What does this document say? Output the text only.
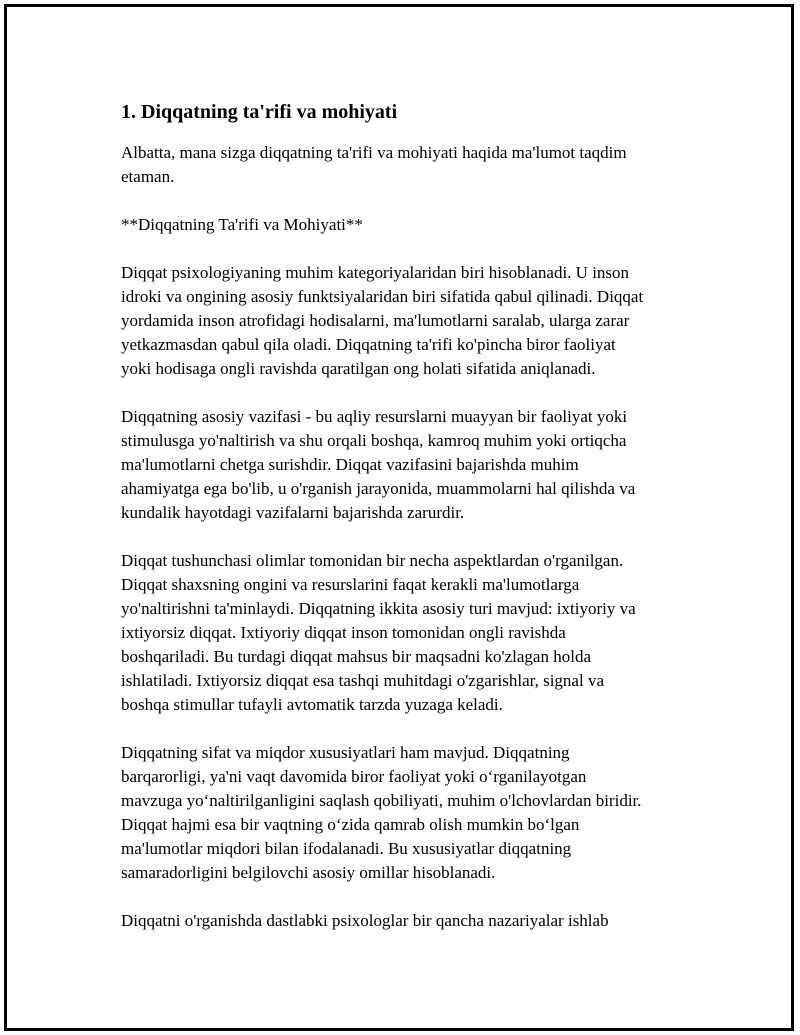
1. Diqqatning ta'rifi va mohiyati

Albatta, mana sizga diqqatning ta'rifi va mohiyati haqida ma'lumot taqdim
etaman.

**Diqqatning Ta'rifi va Mohiyati**

Diqqat psixologiyaning muhim kategoriyalaridan biri hisoblanadi. U inson
idroki va ongining asosiy funktsiyalaridan biri sifatida qabul qilinadi. Diqqat
yordamida inson atrofidagi hodisalarni, ma'lumotlarni saralab, ularga zarar
yetkazmasdan qabul qila oladi. Diqqatning ta'rifi ko'pincha biror faoliyat
yoki hodisaga ongli ravishda qaratilgan ong holati sifatida aniqlanadi.

Diqqatning asosiy vazifasi - bu aqliy resurslarni muayyan bir faoliyat yoki
stimulusga yo'naltirish va shu orqali boshqa, kamroq muhim yoki ortiqcha
ma'lumotlarni chetga surishdir. Diqqat vazifasini bajarishda muhim
ahamiyatga ega bo'lib, u o'rganish jarayonida, muammolarni hal qilishda va
kundalik hayotdagi vazifalarni bajarishda zarurdir.

Diqqat tushunchasi olimlar tomonidan bir necha aspektlardan o'rganilgan.
Diqqat shaxsning ongini va resurslarini faqat kerakli ma'lumotlarga
yo'naltirishni ta'minlaydi. Diqqatning ikkita asosiy turi mavjud: ixtiyoriy va
ixtiyorsiz diqqat. Ixtiyoriy diqqat inson tomonidan ongli ravishda
boshqariladi. Bu turdagi diqqat mahsus bir maqsadni ko'zlagan holda
ishlatiladi. Ixtiyorsiz diqqat esa tashqi muhitdagi o'zgarishlar, signal va
boshqa stimullar tufayli avtomatik tarzda yuzaga keladi.

Diqqatning sifat va miqdor xususiyatlari ham mavjud. Diqqatning
barqarorligi, ya'ni vaqt davomida biror faoliyat yoki o‘rganilayotgan
mavzuga yo‘naltirilganligini saqlash qobiliyati, muhim o'lchovlardan biridir.
Diqqat hajmi esa bir vaqtning o‘zida qamrab olish mumkin bo‘lgan
ma'lumotlar miqdori bilan ifodalanadi. Bu xususiyatlar diqqatning
samaradorligini belgilovchi asosiy omillar hisoblanadi.

Diqqatni o'rganishda dastlabki psixologlar bir qancha nazariyalar ishlab
